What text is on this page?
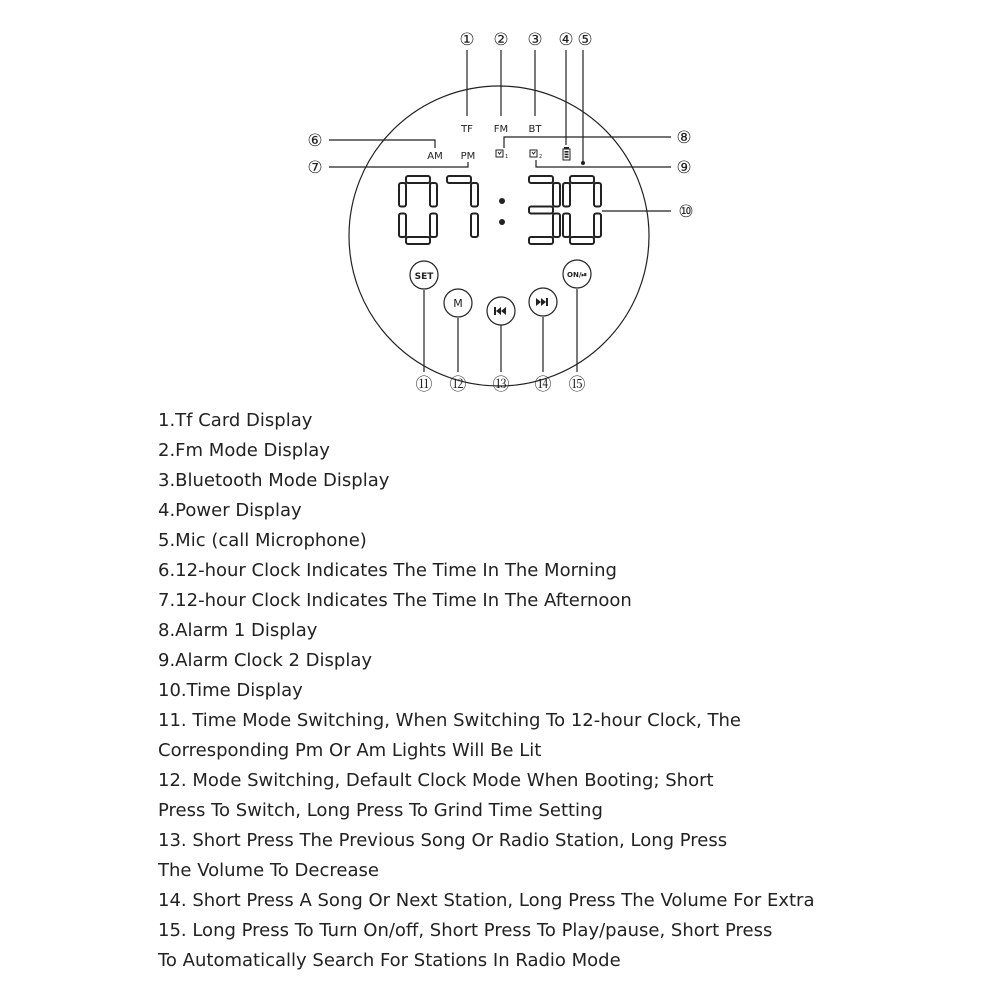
① ② ③ ④ ⑤
⑥
⑦
⑧
⑨
⑩
⑪ ⑫ ⑬ ⑭ ⑮
TF FM BT
AM PM	1	2
SET
M
ON/⏯
1.Tf Card Display
2.Fm Mode Display
3.Bluetooth Mode Display
4.Power Display
5.Mic (call Microphone)
6.12-hour Clock Indicates The Time In The Morning
7.12-hour Clock Indicates The Time In The Afternoon
8.Alarm 1 Display
9.Alarm Clock 2 Display
10.Time Display
11. Time Mode Switching, When Switching To 12-hour Clock, The
Corresponding Pm Or Am Lights Will Be Lit
12. Mode Switching, Default Clock Mode When Booting; Short
Press To Switch, Long Press To Grind Time Setting
13. Short Press The Previous Song Or Radio Station, Long Press
The Volume To Decrease
14. Short Press A Song Or Next Station, Long Press The Volume For Extra
15. Long Press To Turn On/off, Short Press To Play/pause, Short Press
To Automatically Search For Stations In Radio Mode
